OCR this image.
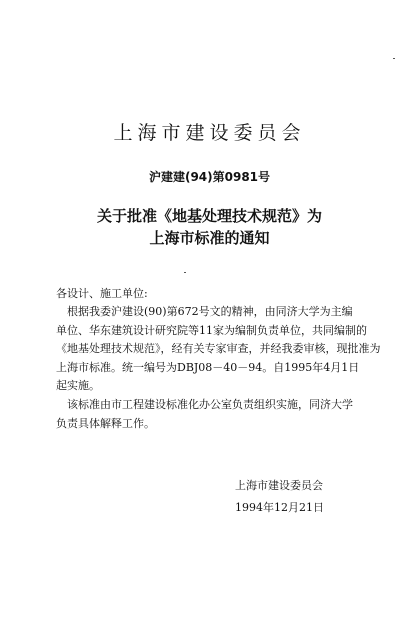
上海市建设委员会
沪建建(94)第0981号
关于批准《地基处理技术规范》为
上海市标准的通知
各设计、施工单位:
根据我委沪建设(90)第672号文的精神，由同济大学为主编
单位、华东建筑设计研究院等11家为编制负责单位，共同编制的
《地基处理技术规范》，经有关专家审查，并经我委审核，现批准为
上海市标准。统一编号为DBJ08－40－94。自1995年4月1日
起实施。
该标准由市工程建设标准化办公室负责组织实施，同济大学
负责具体解释工作。
上海市建设委员会
1994年12月21日
